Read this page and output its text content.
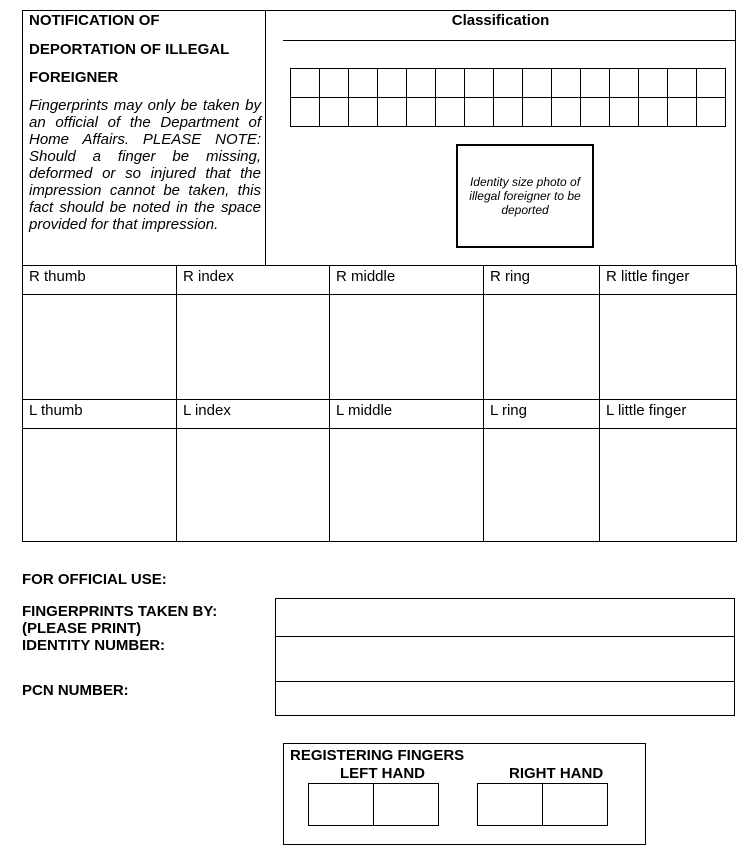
NOTIFICATION OF
DEPORTATION OF ILLEGAL
FOREIGNER
Fingerprints may only be taken by an official of the Department of Home Affairs. PLEASE NOTE: Should a finger be missing, deformed or so injured that the impression cannot be taken, this fact should be noted in the space provided for that impression.
Classification
Identity size photo of illegal foreigner to be deported
R thumb	R index	R middle	R ring	R little finger

L thumb	L index	L middle	L ring	L little finger

FOR OFFICIAL USE:
FINGERPRINTS TAKEN BY:
(PLEASE PRINT)
IDENTITY NUMBER:
PCN NUMBER:
REGISTERING FINGERS
LEFT HAND	RIGHT HAND
